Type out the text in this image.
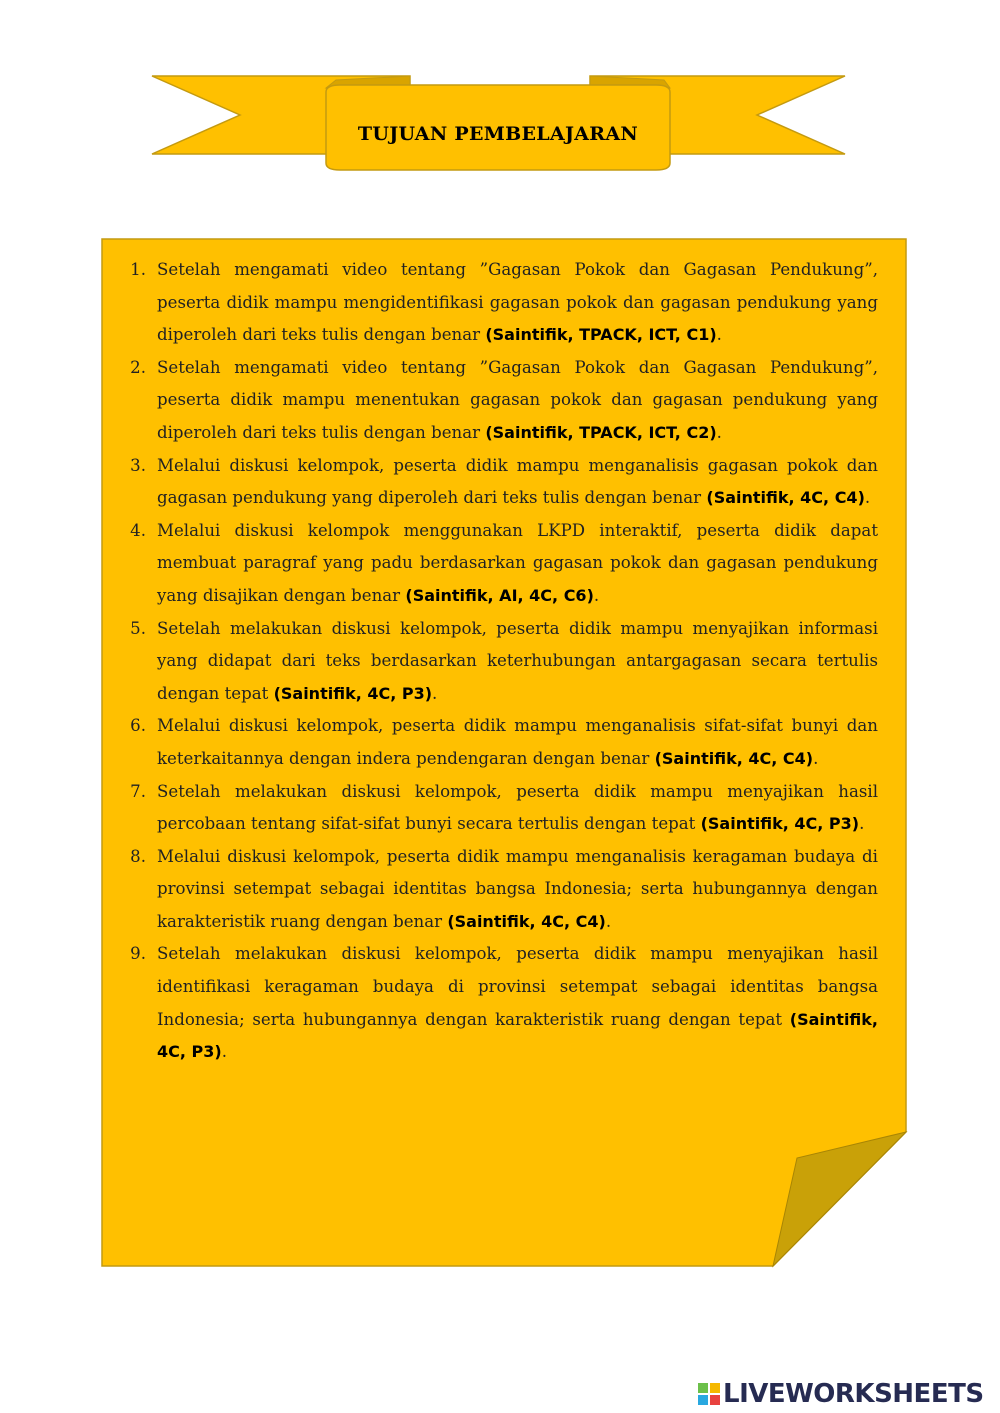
TUJUAN PEMBELAJARAN
1. Setelah mengamati video tentang ”Gagasan Pokok dan Gagasan Pendukung”, peserta didik mampu mengidentifikasi gagasan pokok dan gagasan pendukung yang diperoleh dari teks tulis dengan benar (Saintifik, TPACK, ICT, C1).
2. Setelah mengamati video tentang ”Gagasan Pokok dan Gagasan Pendukung”, peserta didik mampu menentukan gagasan pokok dan gagasan pendukung yang diperoleh dari teks tulis dengan benar (Saintifik, TPACK, ICT, C2).
3. Melalui diskusi kelompok, peserta didik mampu menganalisis gagasan pokok dan gagasan pendukung yang diperoleh dari teks tulis dengan benar (Saintifik, 4C, C4).
4. Melalui diskusi kelompok menggunakan LKPD interaktif, peserta didik dapat membuat paragraf yang padu berdasarkan gagasan pokok dan gagasan pendukung yang disajikan dengan benar (Saintifik, AI, 4C, C6).
5. Setelah melakukan diskusi kelompok, peserta didik mampu menyajikan informasi yang didapat dari teks berdasarkan keterhubungan antargagasan secara tertulis dengan tepat (Saintifik, 4C, P3).
6. Melalui diskusi kelompok, peserta didik mampu menganalisis sifat-sifat bunyi dan keterkaitannya dengan indera pendengaran dengan benar (Saintifik, 4C, C4).
7. Setelah melakukan diskusi kelompok, peserta didik mampu menyajikan hasil percobaan tentang sifat-sifat bunyi secara tertulis dengan tepat (Saintifik, 4C, P3).
8. Melalui diskusi kelompok, peserta didik mampu menganalisis keragaman budaya di provinsi setempat sebagai identitas bangsa Indonesia; serta hubungannya dengan karakteristik ruang dengan benar (Saintifik, 4C, C4).
9. Setelah melakukan diskusi kelompok, peserta didik mampu menyajikan hasil identifikasi keragaman budaya di provinsi setempat sebagai identitas bangsa Indonesia; serta hubungannya dengan karakteristik ruang dengan tepat (Saintifik, 4C, P3).
LIVEWORKSHEETS
